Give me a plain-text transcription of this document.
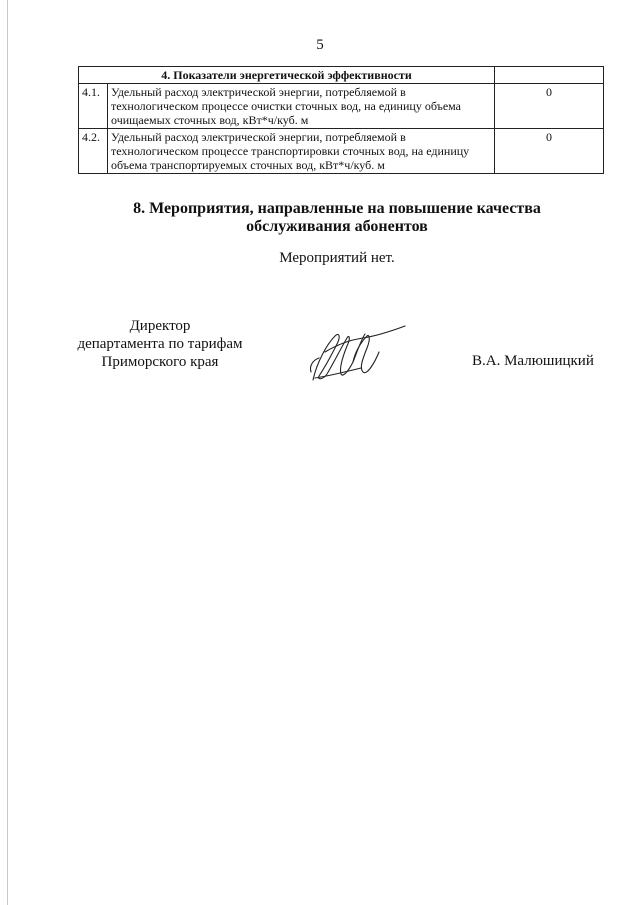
5
4. Показатели энергетической эффективности		
4.1.	Удельный расход электрической энергии, потребляемой в технологическом процессе очистки сточных вод, на единицу объема очищаемых сточных вод, кВт*ч/куб. м	0
4.2.	Удельный расход электрической энергии, потребляемой в технологическом процессе транспортировки сточных вод, на единицу объема транспортируемых сточных вод, кВт*ч/куб. м	0
8. Мероприятия, направленные на повышение качества
обслуживания абонентов
Мероприятий нет.
Директор
департамента по тарифам
Приморского края	В.А. Малюшицкий
